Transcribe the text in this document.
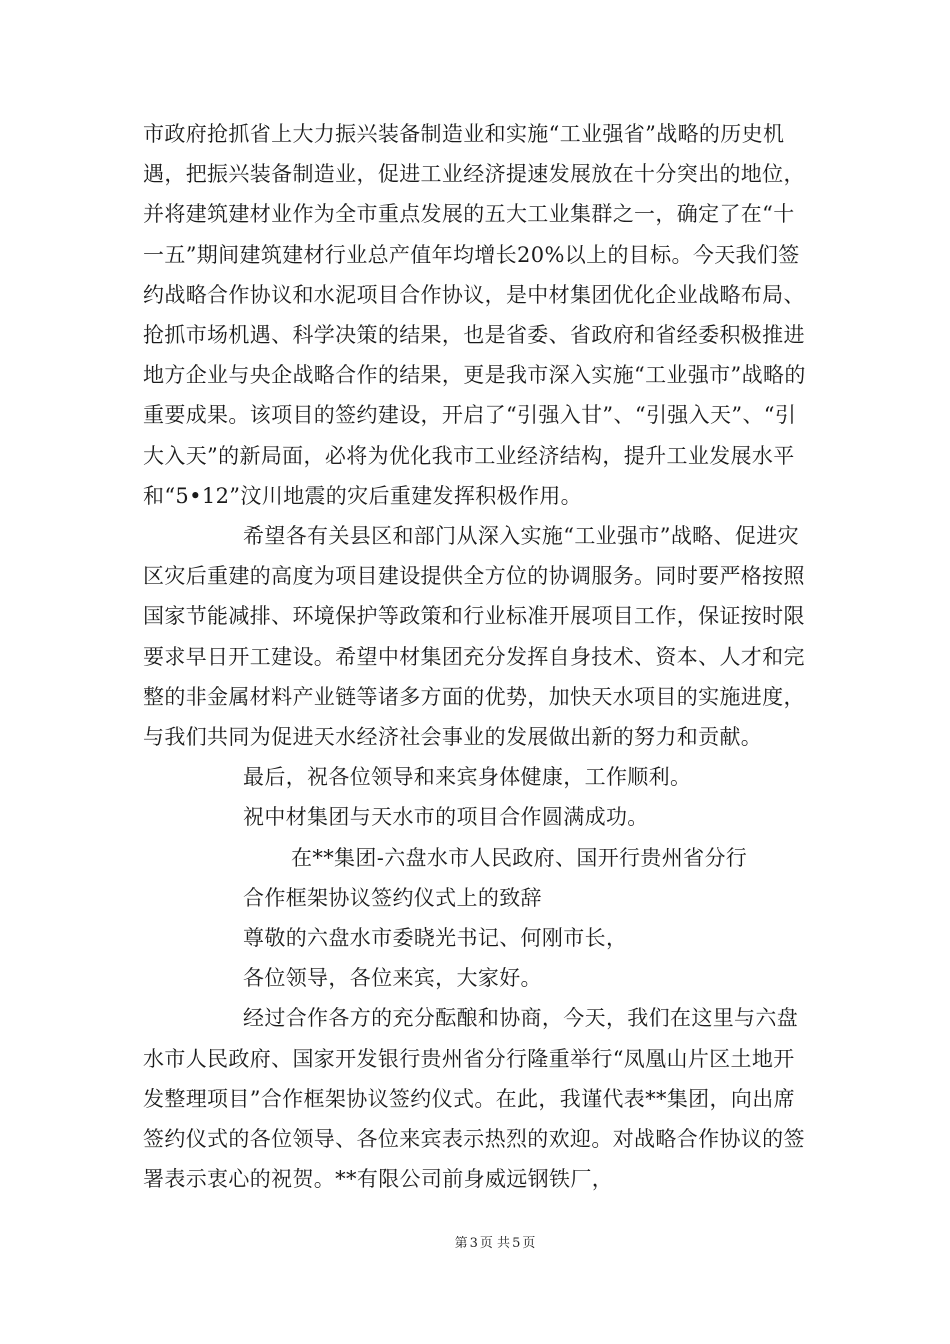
市政府抢抓省上大力振兴装备制造业和实施“工业强省”战略的历史机遇，把振兴装备制造业，促进工业经济提速发展放在十分突出的地位，并将建筑建材业作为全市重点发展的五大工业集群之一，确定了在“十一五”期间建筑建材行业总产值年均增长20%以上的目标。今天我们签约战略合作协议和水泥项目合作协议，是中材集团优化企业战略布局、抢抓市场机遇、科学决策的结果，也是省委、省政府和省经委积极推进地方企业与央企战略合作的结果，更是我市深入实施“工业强市”战略的重要成果。该项目的签约建设，开启了“引强入甘”、“引强入天”、“引大入天”的新局面，必将为优化我市工业经济结构，提升工业发展水平和“5•12”汶川地震的灾后重建发挥积极作用。

希望各有关县区和部门从深入实施“工业强市”战略、促进灾区灾后重建的高度为项目建设提供全方位的协调服务。同时要严格按照国家节能减排、环境保护等政策和行业标准开展项目工作，保证按时限要求早日开工建设。希望中材集团充分发挥自身技术、资本、人才和完整的非金属材料产业链等诸多方面的优势，加快天水项目的实施进度，与我们共同为促进天水经济社会事业的发展做出新的努力和贡献。

最后，祝各位领导和来宾身体健康，工作顺利。

祝中材集团与天水市的项目合作圆满成功。

在**集团-六盘水市人民政府、国开行贵州省分行

合作框架协议签约仪式上的致辞

尊敬的六盘水市委晓光书记、何刚市长，

各位领导，各位来宾，大家好。

经过合作各方的充分酝酿和协商，今天，我们在这里与六盘水市人民政府、国家开发银行贵州省分行隆重举行“凤凰山片区土地开发整理项目”合作框架协议签约仪式。在此，我谨代表**集团，向出席签约仪式的各位领导、各位来宾表示热烈的欢迎。对战略合作协议的签署表示衷心的祝贺。**有限公司前身威远钢铁厂，

第 3 页 共 5 页
